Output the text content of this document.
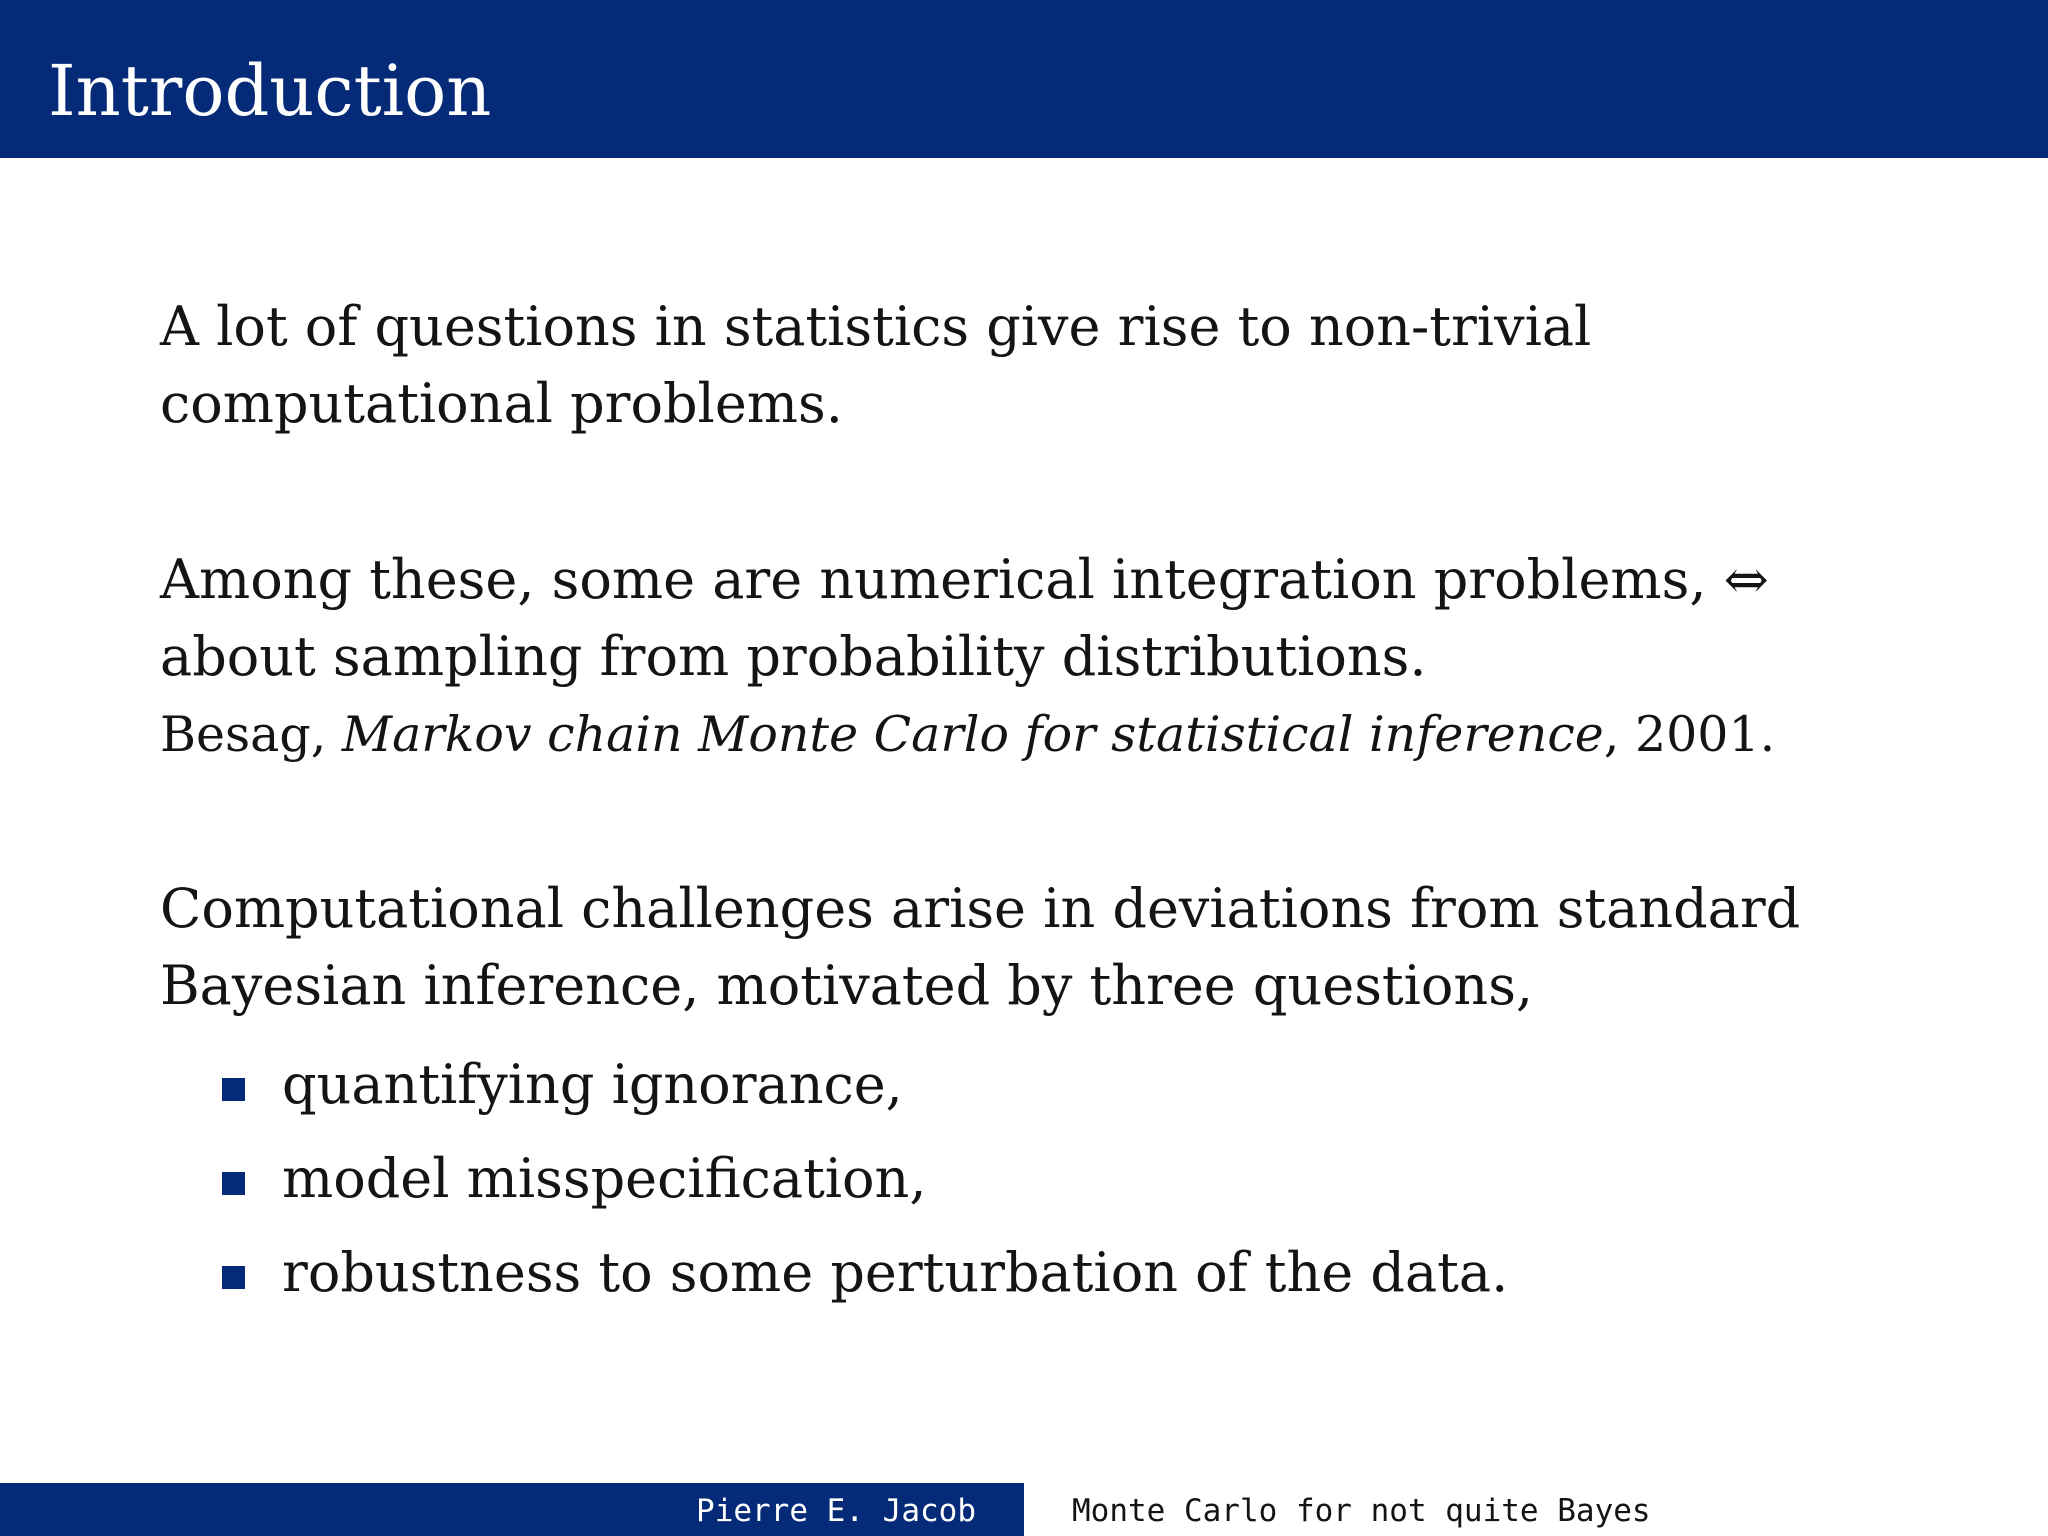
Introduction
A lot of questions in statistics give rise to non-trivial
computational problems.
Among these, some are numerical integration problems, ⇔
about sampling from probability distributions.
Besag, Markov chain Monte Carlo for statistical inference, 2001.
Computational challenges arise in deviations from standard
Bayesian inference, motivated by three questions,
quantifying ignorance,
model misspecification,
robustness to some perturbation of the data.
Pierre E. Jacob	Monte Carlo for not quite Bayes
